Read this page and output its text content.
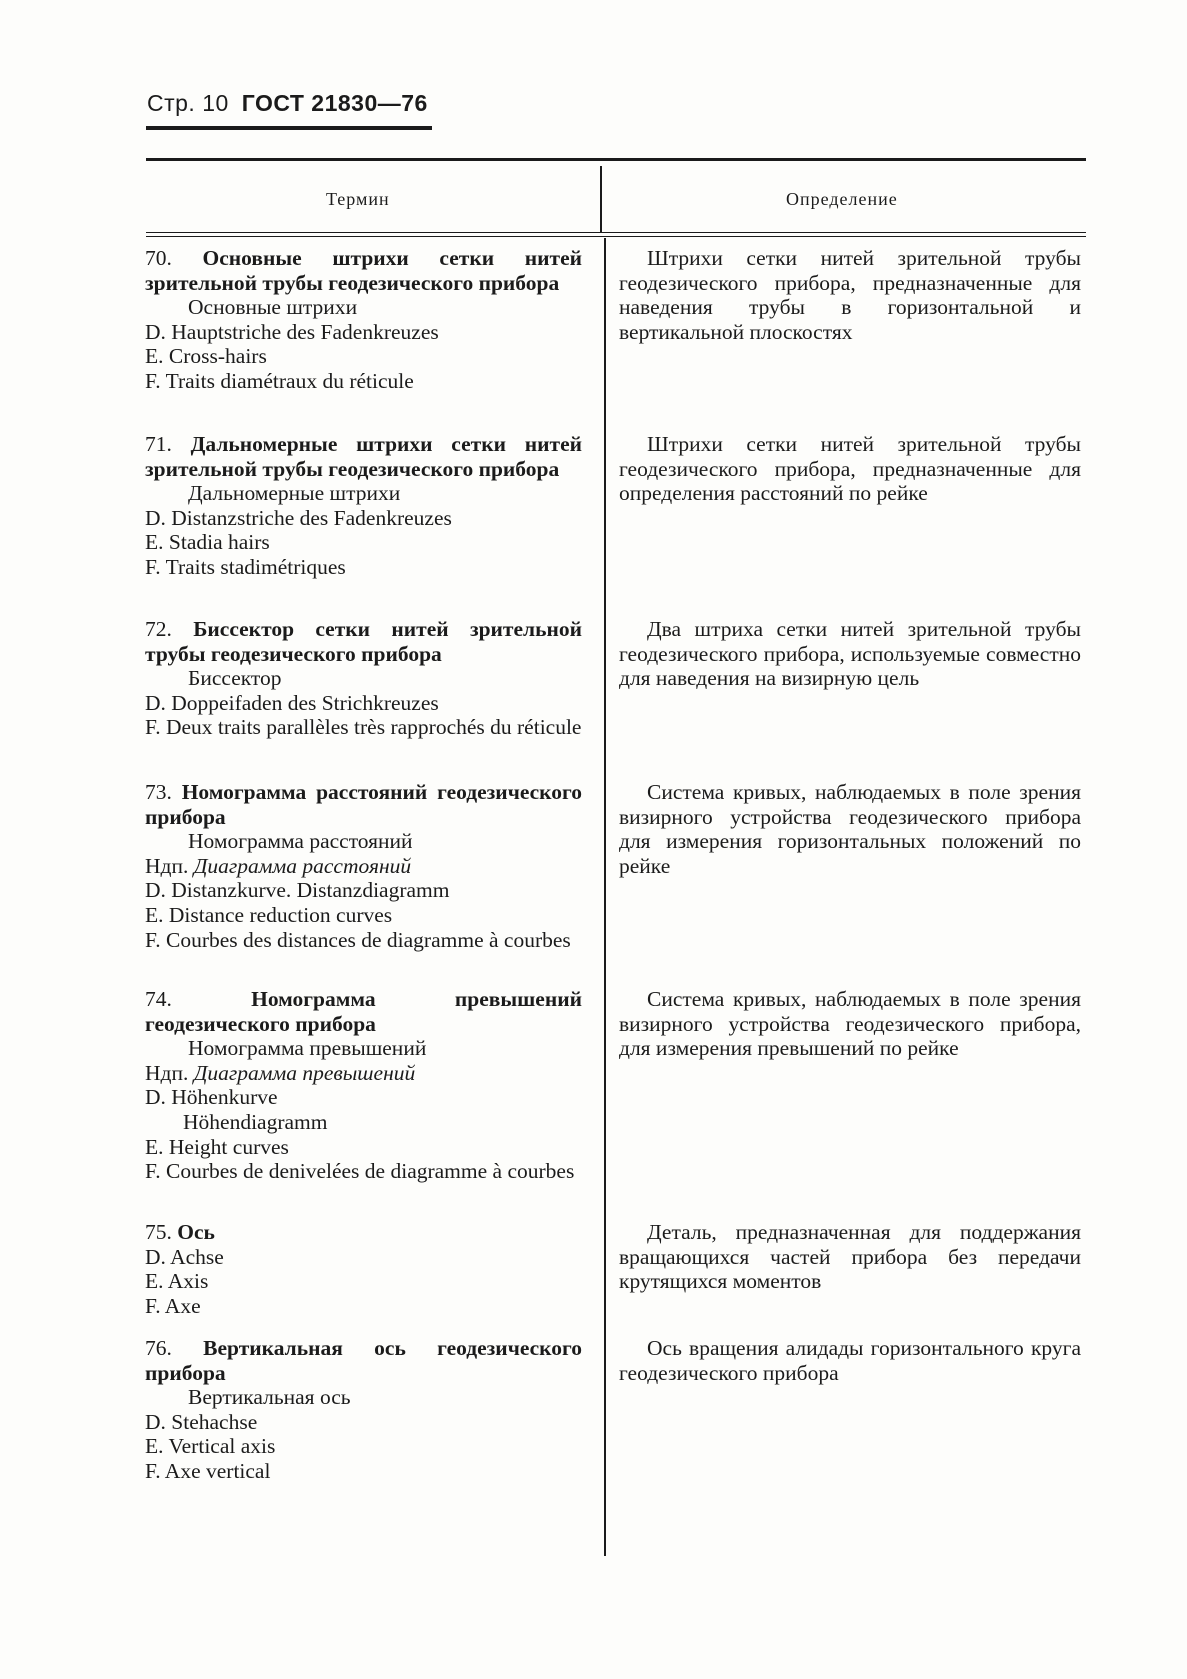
Стр. 10 ГОСТ 21830—76
Термин	Определение
70. Основные штрихи сетки нитей зрительной трубы геодезического прибора
Основные штрихи
D. Hauptstriche des Fadenkreuzes
E. Cross-hairs
F. Traits diamétraux du réticule
Штрихи сетки нитей зрительной трубы геодезического прибора, предназначенные для наведения трубы в горизонтальной и вертикальной плоскостях
71. Дальномерные штрихи сетки нитей зрительной трубы геодезического прибора
Дальномерные штрихи
D. Distanzstriche des Fadenkreuzes
E. Stadia hairs
F. Traits stadimétriques
Штрихи сетки нитей зрительной трубы геодезического прибора, предназначенные для определения расстояний по рейке
72. Биссектор сетки нитей зрительной трубы геодезического прибора
Биссектор
D. Doppeifaden des Strichkreuzes
F. Deux traits parallèles très rapprochés du réticule
Два штриха сетки нитей зрительной трубы геодезического прибора, используемые совместно для наведения на визирную цель
73. Номограмма расстояний геодезического прибора
Номограмма расстояний
Ндп. Диаграмма расстояний
D. Distanzkurve. Distanzdiagramm
E. Distance reduction curves
F. Courbes des distances de diagramme à courbes
Система кривых, наблюдаемых в поле зрения визирного устройства геодезического прибора для измерения горизонтальных положений по рейке
74.	Номограмма превышений геодезического прибора
Номограмма превышений
Ндп. Диаграмма превышений
D. Höhenkurve
Höhendiagramm
E. Height curves
F. Courbes de denivelées de diagramme à courbes
Система кривых, наблюдаемых в поле зрения визирного устройства геодезического прибора, для измерения превышений по рейке
75. Ось
D. Achse
E. Axis
F. Axe
Деталь, предназначенная для поддержания вращающихся частей прибора без передачи крутящихся моментов
76. Вертикальная ось геодезического прибора
Вертикальная ось
D. Stehachse
E. Vertical axis
F. Axe vertical
Ось вращения алидады горизонтального круга геодезического прибора
